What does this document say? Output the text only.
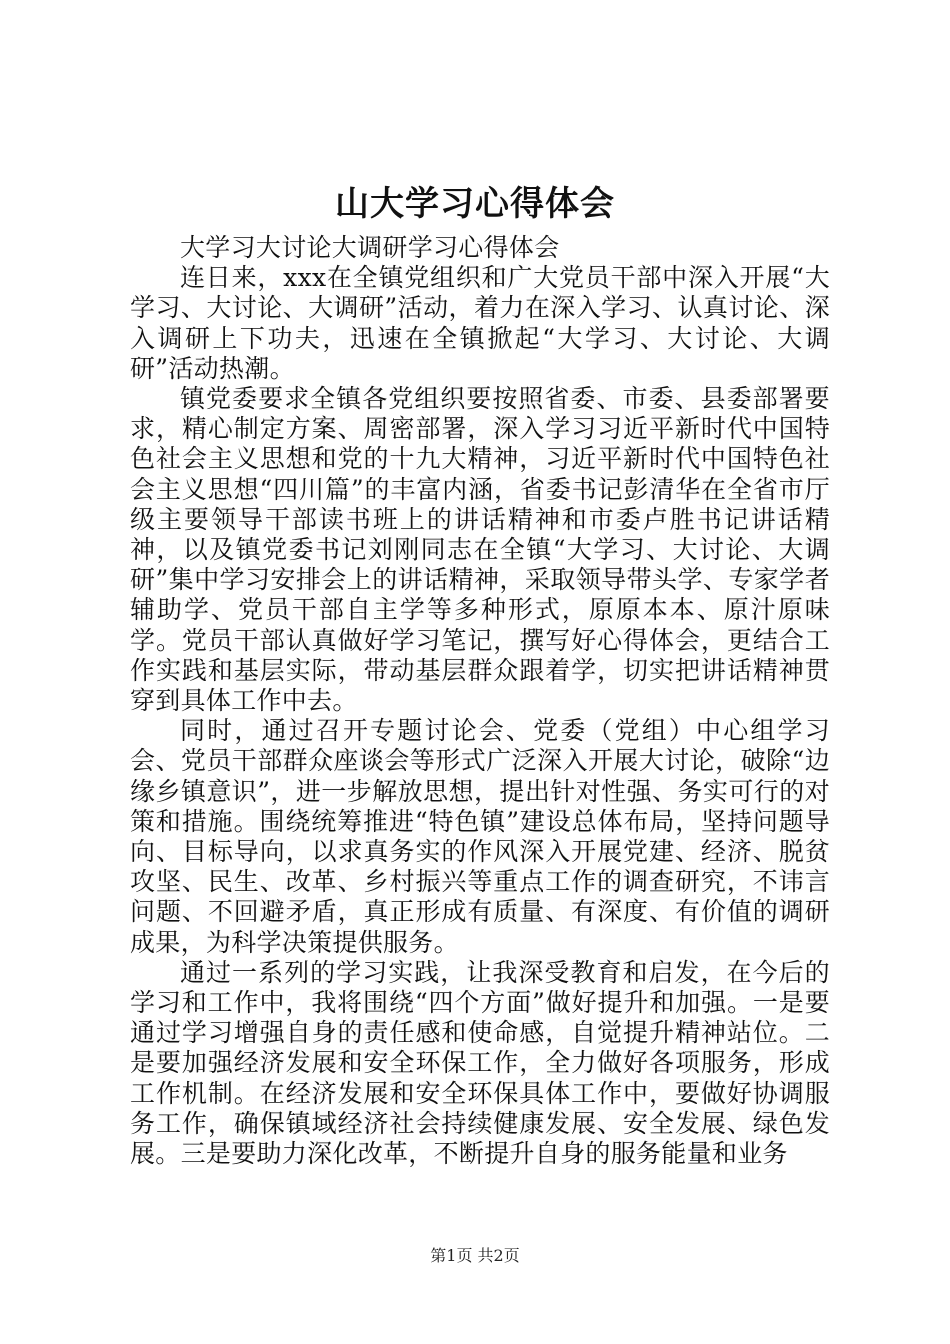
山大学习心得体会

大学习大讨论大调研学习心得体会

连日来，xxx在全镇党组织和广大党员干部中深入开展“大学习、大讨论、大调研”活动，着力在深入学习、认真讨论、深入调研上下功夫，迅速在全镇掀起“大学习、大讨论、大调研”活动热潮。

镇党委要求全镇各党组织要按照省委、市委、县委部署要求，精心制定方案、周密部署，深入学习习近平新时代中国特色社会主义思想和党的十九大精神，习近平新时代中国特色社会主义思想“四川篇”的丰富内涵，省委书记彭清华在全省市厅级主要领导干部读书班上的讲话精神和市委卢胜书记讲话精神，以及镇党委书记刘刚同志在全镇“大学习、大讨论、大调研”集中学习安排会上的讲话精神，采取领导带头学、专家学者辅助学、党员干部自主学等多种形式，原原本本、原汁原味学。党员干部认真做好学习笔记，撰写好心得体会，更结合工作实践和基层实际，带动基层群众跟着学，切实把讲话精神贯穿到具体工作中去。

同时，通过召开专题讨论会、党委（党组）中心组学习会、党员干部群众座谈会等形式广泛深入开展大讨论，破除“边缘乡镇意识”，进一步解放思想，提出针对性强、务实可行的对策和措施。围绕统筹推进“特色镇”建设总体布局，坚持问题导向、目标导向，以求真务实的作风深入开展党建、经济、脱贫攻坚、民生、改革、乡村振兴等重点工作的调查研究，不讳言问题、不回避矛盾，真正形成有质量、有深度、有价值的调研成果，为科学决策提供服务。

通过一系列的学习实践，让我深受教育和启发，在今后的学习和工作中，我将围绕“四个方面”做好提升和加强。一是要通过学习增强自身的责任感和使命感，自觉提升精神站位。二是要加强经济发展和安全环保工作，全力做好各项服务，形成工作机制。在经济发展和安全环保具体工作中，要做好协调服务工作，确保镇域经济社会持续健康发展、安全发展、绿色发展。三是要助力深化改革，不断提升自身的服务能量和业务

第1页 共2页
